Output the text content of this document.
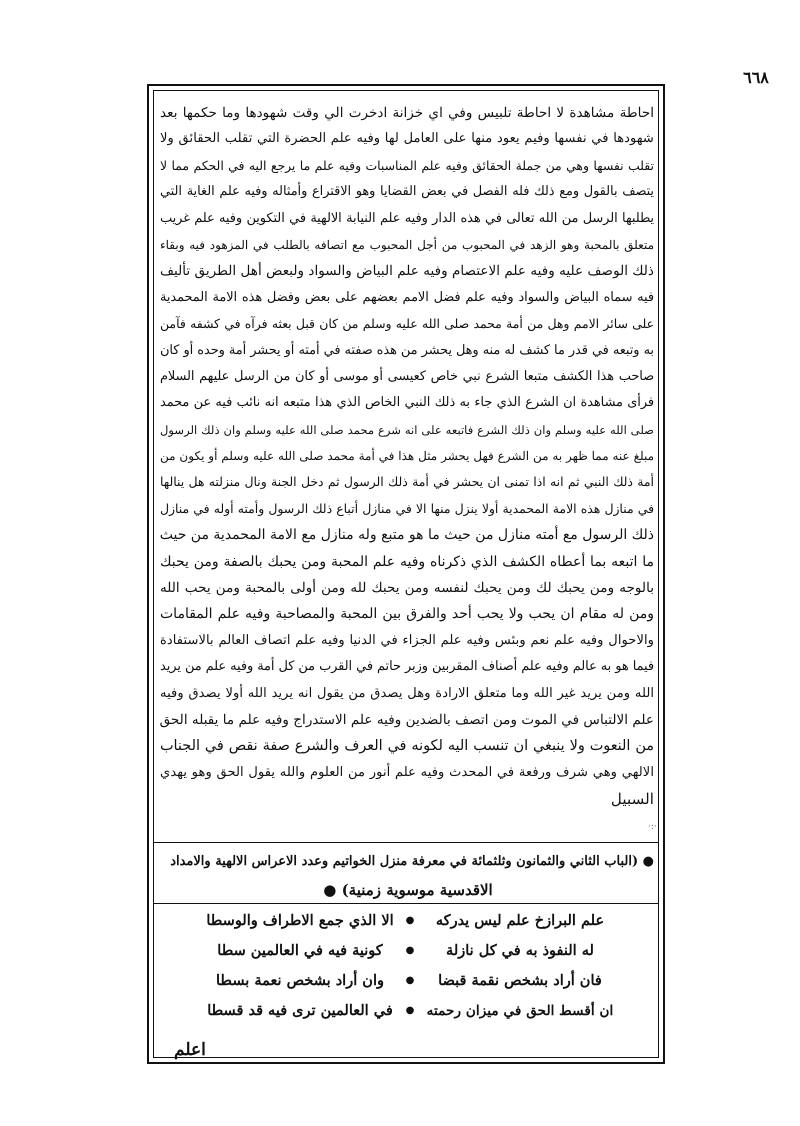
٦٦٨
احاطة مشاهدة لا احاطة تلبيس وفي اي خزانة ادخرت الي وقت شهودها وما حكمها بعد
شهودها في نفسها وفيم يعود منها على العامل لها وفيه علم الحضرة التي تقلب الحقائق ولا
تقلب نفسها وهي من جملة الحقائق وفيه علم المناسبات وفيه علم ما يرجع اليه في الحكم مما لا
يتصف بالقول ومع ذلك فله الفصل في بعض القضايا وهو الاقتراع وأمثاله وفيه علم الغاية التي
يطلبها الرسل من الله تعالى في هذه الدار وفيه علم النيابة الالهية في التكوين وفيه علم غريب
متعلق بالمحبة وهو الزهد في المحبوب من أجل المحبوب مع اتصافه بالطلب في المزهود فيه وبقاء
ذلك الوصف عليه وفيه علم الاعتصام وفيه علم البياض والسواد ولبعض أهل الطريق تأليف
فيه سماه البياض والسواد وفيه علم فضل الامم بعضهم على بعض وفضل هذه الامة المحمدية
على سائر الامم وهل من أمة محمد صلى الله عليه وسلم من كان قبل بعثه فرآه في كشفه فآمن
به وتبعه في قدر ما كشف له منه وهل يحشر من هذه صفته في أمته أو يحشر أمة وحده أو كان
صاحب هذا الكشف متبعا الشرع نبي خاص كعيسى أو موسى أو كان من الرسل عليهم السلام
فرأى مشاهدة ان الشرع الذي جاء به ذلك النبي الخاص الذي هذا متبعه انه نائب فيه عن محمد
صلى الله عليه وسلم وان ذلك الشرع فاتبعه على انه شرع محمد صلى الله عليه وسلم وان ذلك الرسول
مبلغ عنه مما ظهر به من الشرع فهل يحشر مثل هذا في أمة محمد صلى الله عليه وسلم أو يكون من
أمة ذلك النبي ثم انه اذا تمنى ان يحشر في أمة ذلك الرسول ثم دخل الجنة ونال منزلته هل ينالها
في منازل هذه الامة المحمدية أولا ينزل منها الا في منازل أتباع ذلك الرسول وأمته أوله في منازل
ذلك الرسول مع أمته منازل من حيث ما هو متبع وله منازل مع الامة المحمدية من حيث
ما اتبعه بما أعطاه الكشف الذي ذكرناه وفيه علم المحبة ومن يحبك بالصفة ومن يحبك
بالوجه ومن يحبك لك ومن يحبك لنفسه ومن يحبك لله ومن أولى بالمحبة ومن يحب الله
ومن له مقام ان يحب ولا يحب أحد والفرق بين المحبة والمصاحبة وفيه علم المقامات
والاحوال وفيه علم نعم وبئس وفيه علم الجزاء في الدنيا وفيه علم اتصاف العالم بالاستفادة
فيما هو به عالم وفيه علم أصناف المقربين وزبر حاتم في القرب من كل أمة وفيه علم من يريد
الله ومن يريد غير الله وما متعلق الارادة وهل يصدق من يقول انه يريد الله أولا يصدق وفيه
علم الالتباس في الموت ومن اتصف بالضدين وفيه علم الاستدراج وفيه علم ما يقبله الحق
من النعوت ولا ينبغي ان تنسب اليه لكونه في العرف والشرع صفة نقص في الجناب
الالهي وهي شرف ورفعة في المحدث وفيه علم أنور من العلوم والله يقول الحق وهو يهدي
السبيل
·:·
● (الباب الثاني والثمانون وثلثمائة في معرفة منزل الخواتيم وعدد الاعراس الالهية والامداد
الاقدسية موسوية زمنية) ●
علم البرازخ علم ليس يدركه
●
الا الذي جمع الاطراف والوسطا
له النفوذ به في كل نازلة
●
كونية فيه في العالمين سطا
فان أراد بشخص نقمة قبضا
●
وان أراد بشخص نعمة بسطا
ان أقسط الحق في ميزان رحمته
●
في العالمين ترى فيه قد قسطا
اعلم
